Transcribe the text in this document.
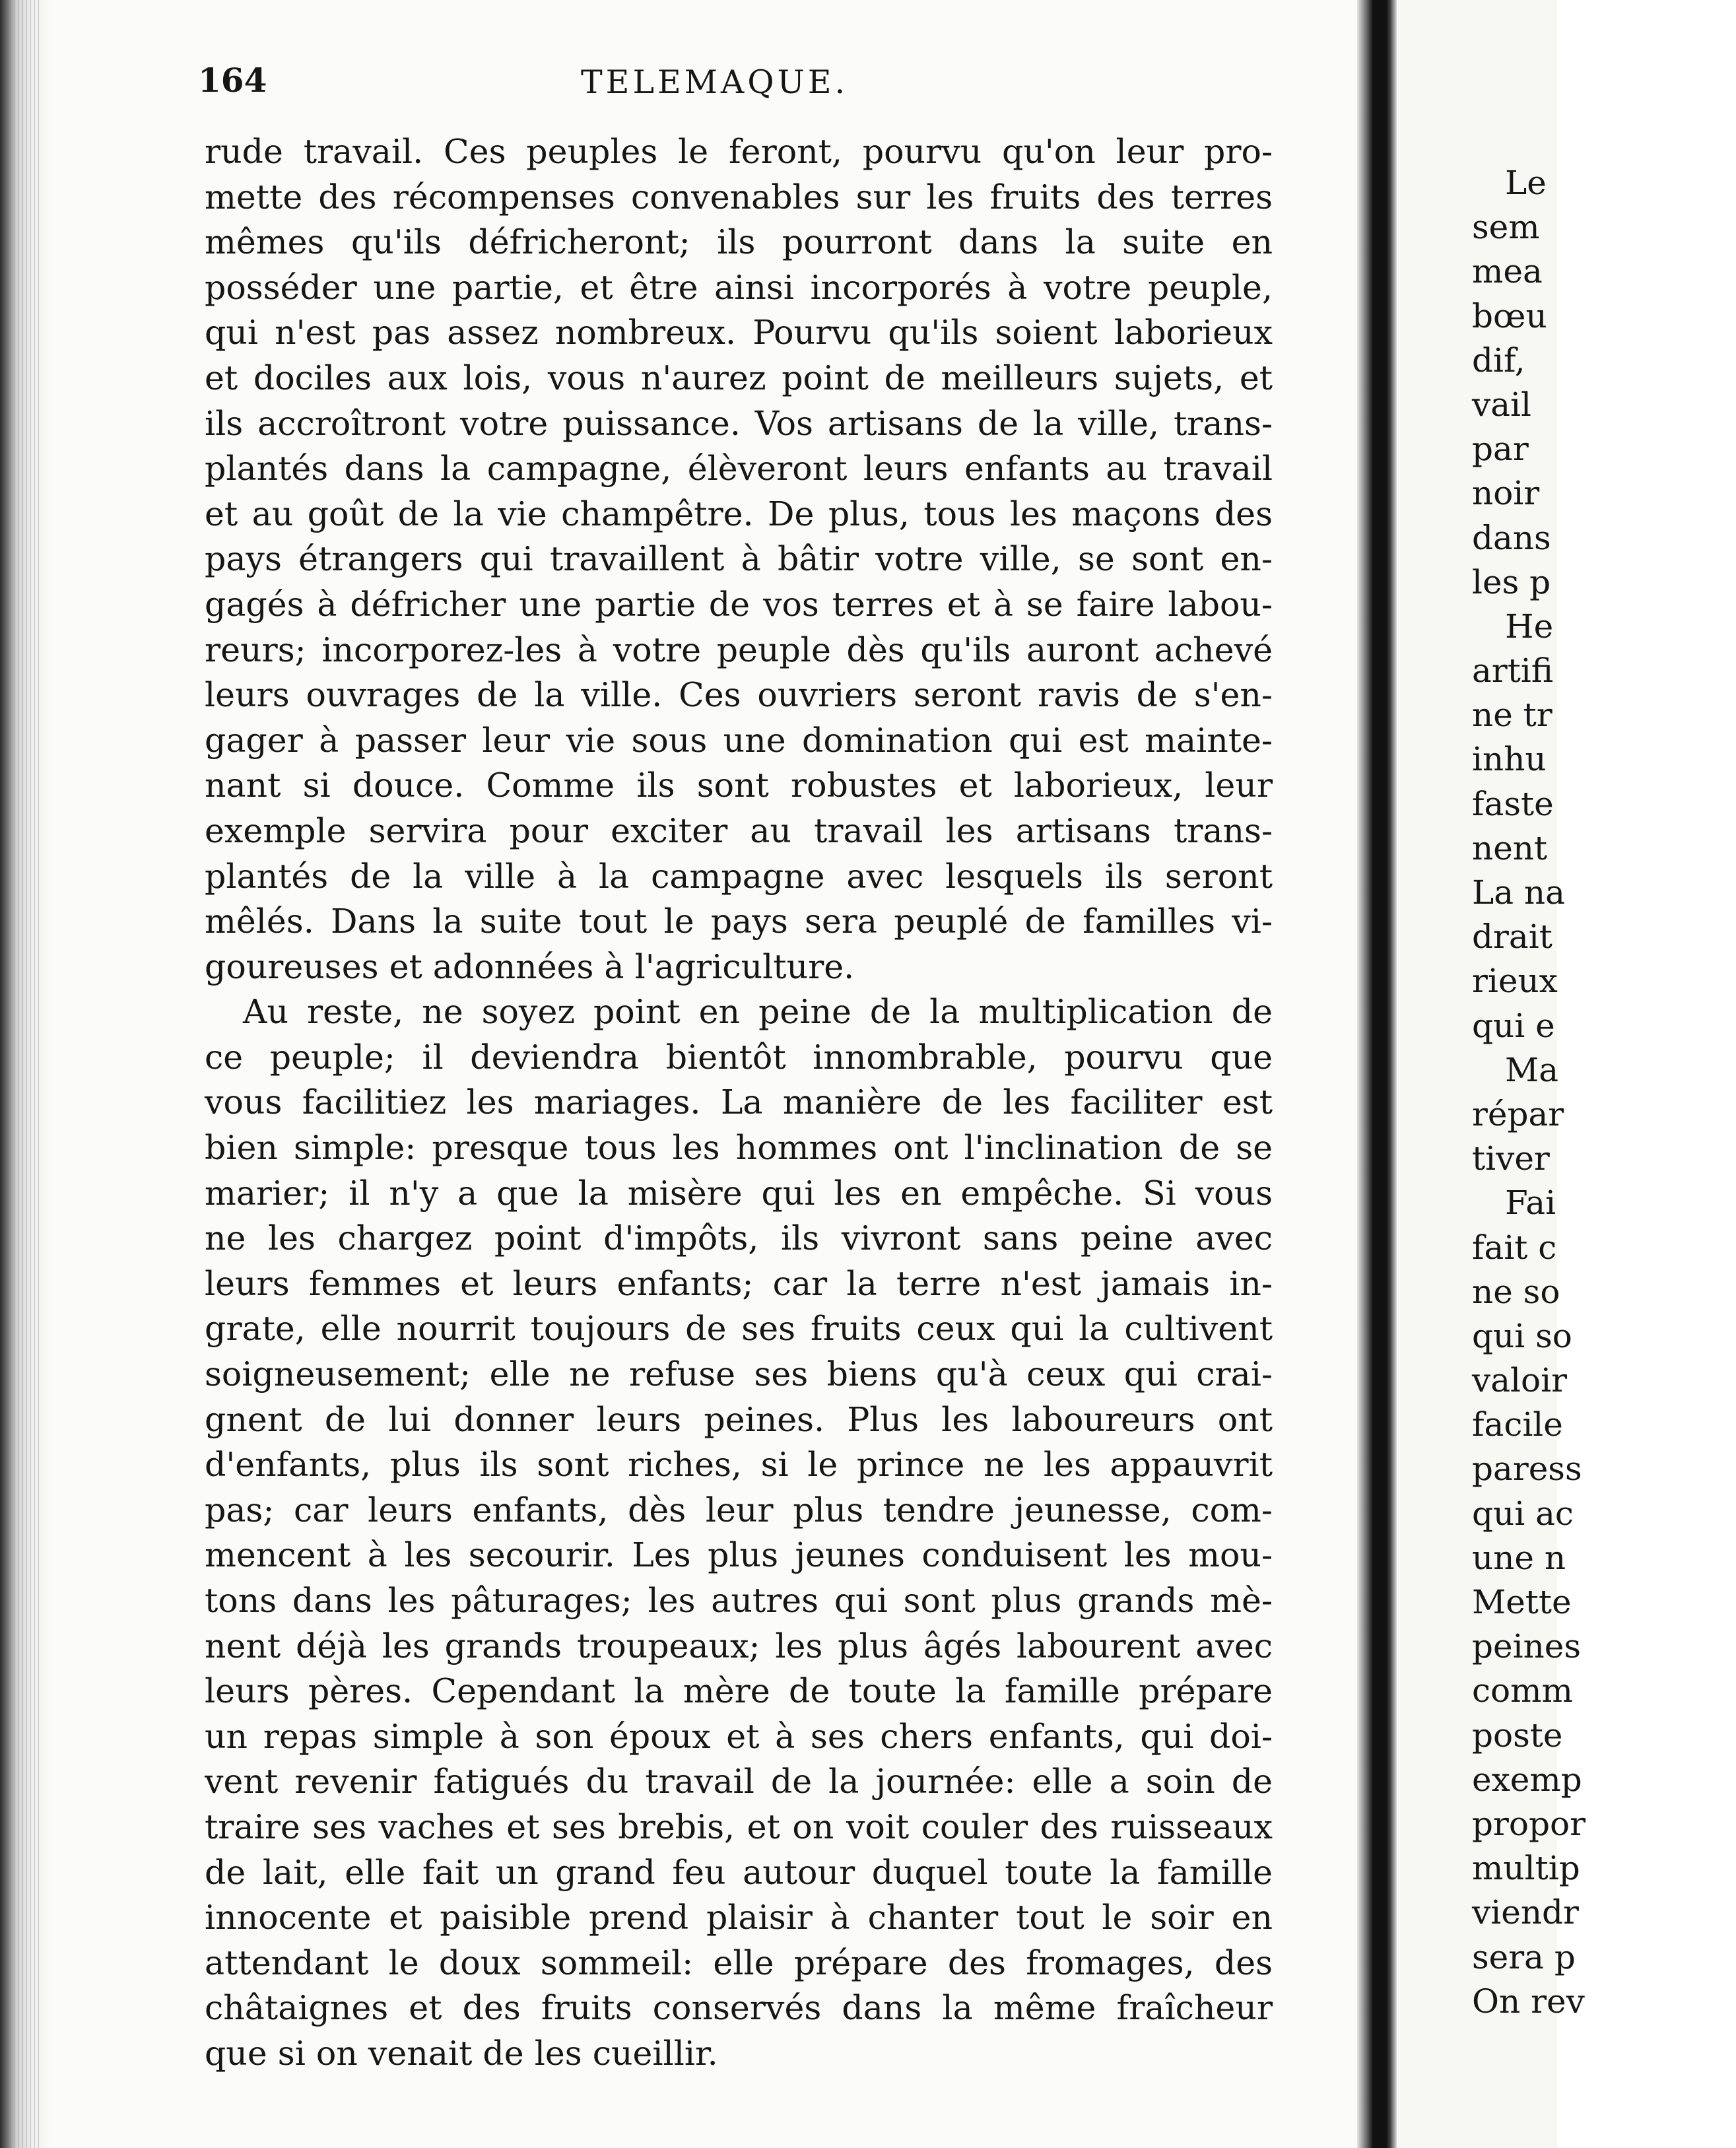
164	TELEMAQUE.
rude travail. Ces peuples le feront, pourvu qu'on leur pro-
mette des récompenses convenables sur les fruits des terres
mêmes qu'ils défricheront; ils pourront dans la suite en
posséder une partie, et être ainsi incorporés à votre peuple,
qui n'est pas assez nombreux. Pourvu qu'ils soient laborieux
et dociles aux lois, vous n'aurez point de meilleurs sujets, et
ils accroîtront votre puissance. Vos artisans de la ville, trans-
plantés dans la campagne, élèveront leurs enfants au travail
et au goût de la vie champêtre. De plus, tous les maçons des
pays étrangers qui travaillent à bâtir votre ville, se sont en-
gagés à défricher une partie de vos terres et à se faire labou-
reurs; incorporez-les à votre peuple dès qu'ils auront achevé
leurs ouvrages de la ville. Ces ouvriers seront ravis de s'en-
gager à passer leur vie sous une domination qui est mainte-
nant si douce. Comme ils sont robustes et laborieux, leur
exemple servira pour exciter au travail les artisans trans-
plantés de la ville à la campagne avec lesquels ils seront
mêlés. Dans la suite tout le pays sera peuplé de familles vi-
goureuses et adonnées à l'agriculture.
Au reste, ne soyez point en peine de la multiplication de
ce peuple; il deviendra bientôt innombrable, pourvu que
vous facilitiez les mariages. La manière de les faciliter est
bien simple: presque tous les hommes ont l'inclination de se
marier; il n'y a que la misère qui les en empêche. Si vous
ne les chargez point d'impôts, ils vivront sans peine avec
leurs femmes et leurs enfants; car la terre n'est jamais in-
grate, elle nourrit toujours de ses fruits ceux qui la cultivent
soigneusement; elle ne refuse ses biens qu'à ceux qui crai-
gnent de lui donner leurs peines. Plus les laboureurs ont
d'enfants, plus ils sont riches, si le prince ne les appauvrit
pas; car leurs enfants, dès leur plus tendre jeunesse, com-
mencent à les secourir. Les plus jeunes conduisent les mou-
tons dans les pâturages; les autres qui sont plus grands mè-
nent déjà les grands troupeaux; les plus âgés labourent avec
leurs pères. Cependant la mère de toute la famille prépare
un repas simple à son époux et à ses chers enfants, qui doi-
vent revenir fatigués du travail de la journée: elle a soin de
traire ses vaches et ses brebis, et on voit couler des ruisseaux
de lait, elle fait un grand feu autour duquel toute la famille
innocente et paisible prend plaisir à chanter tout le soir en
attendant le doux sommeil: elle prépare des fromages, des
châtaignes et des fruits conservés dans la même fraîcheur
que si on venait de les cueillir.
Le
sem
mea
bœu
dif,
vail
par
noir
dans
les p
He
artifi
ne tr
inhu
faste
nent
La na
drait
rieux
qui e
Ma
répar
tiver
Fai
fait c
ne so
qui so
valoir
facile
paress
qui ac
une n
Mette
peines
comm
poste
exemp
propor
multip
viendr
sera p
On rev
